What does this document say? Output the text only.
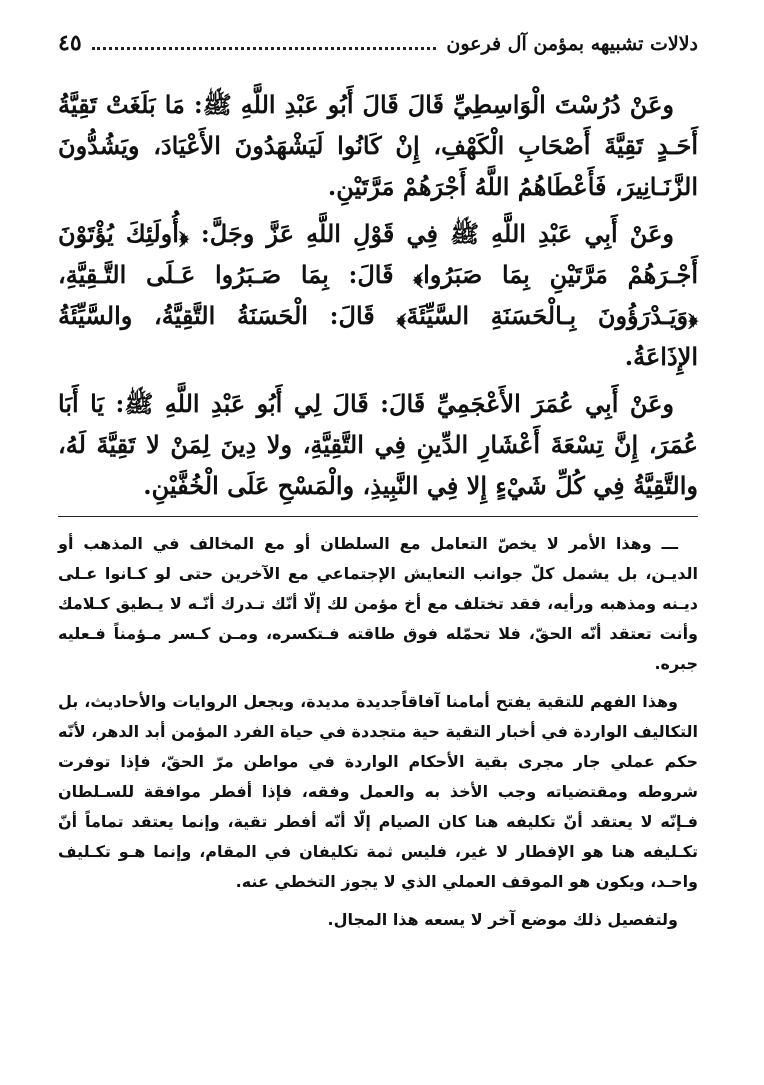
دلالات تشبيهه بمؤمن آل فرعون
٤٥

وعَنْ دُرُسْتَ الْوَاسِطِيِّ قَالَ قَالَ أَبُو عَبْدِ اللَّهِ ﷺ: مَا بَلَغَتْ تَقِيَّةُ أَحَـدٍ تَقِيَّةَ أَصْحَابِ الْكَهْفِ، إِنْ كَانُوا لَيَشْهَدُونَ الأَعْيَادَ، ويَشُدُّونَ الزَّنَـانِيرَ، فَأَعْطَاهُمُ اللَّهُ أَجْرَهُمْ مَرَّتَيْنِ.

وعَنْ أَبِي عَبْدِ اللَّهِ ﷺ فِي قَوْلِ اللَّهِ عَزَّ وجَلَّ: ﴿أُولَئِكَ يُؤْتَوْنَ أَجْـرَهُمْ مَرَّتَيْنِ بِمَا صَبَرُوا﴾ قَالَ: بِمَا صَـبَرُوا عَـلَى التَّـقِيَّةِ، ﴿وَيَـدْرَؤُونَ بِـالْحَسَنَةِ السَّيِّئَةَ﴾ قَالَ: الْحَسَنَةُ التَّقِيَّةُ، والسَّيِّئَةُ الإِذَاعَةُ.

وعَنْ أَبِي عُمَرَ الأَعْجَمِيِّ قَالَ: قَالَ لِي أَبُو عَبْدِ اللَّهِ ﷺ: يَا أَبَا عُمَرَ، إِنَّ تِسْعَةَ أَعْشَارِ الدِّينِ فِي التَّقِيَّةِ، ولا دِينَ لِمَنْ لا تَقِيَّةَ لَهُ، والتَّقِيَّةُ فِي كُلِّ شَيْءٍ إِلا فِي النَّبِيذِ، والْمَسْحِ عَلَى الْخُفَّيْنِ.

ـــ وهذا الأمر لا يخصّ التعامل مع السلطان أو مع المخالف في المذهب أو الديـن، بل يشمل كلّ جوانب التعايش الإجتماعي مع الآخرين حتى لو كـانوا عـلى ديـنه ومذهبه ورأيه، فقد تختلف مع أخ مؤمن لك إلّا أنّك تـدرك أنّـه لا يـطيق كـلامك وأنت تعتقد أنّه الحقّ، فلا تحمّله فوق طاقته فـتكسره، ومـن كـسر مـؤمناً فـعليه جبره.

وهذا الفهم للتقية يفتح أمامنا آفاقاًجديدة مديدة، ويجعل الروايات والأحاديث، بل التكاليف الواردة في أخبار التقية حية متجددة في حياة الفرد المؤمن أبد الدهر، لأنّه حكم عملي جار مجرى بقية الأحكام الواردة في مواطن مرّ الحقّ، فإذا توفرت شروطه ومقتضياته وجب الأخذ به والعمل وفقه، فإذا أفطر موافقة للسـلطان فـإنّه لا يعتقد أنّ تكليفه هنا كان الصيام إلّا أنّه أفطر تقية، وإنما يعتقد تماماً أنّ تكـليفه هنا هو الإفطار لا غير، فليس ثمة تكليفان في المقام، وإنما هـو تكـليف واحـد، ويكون هو الموقف العملي الذي لا يجوز التخطي عنه.

ولتفصيل ذلك موضع آخر لا يسعه هذا المجال.
